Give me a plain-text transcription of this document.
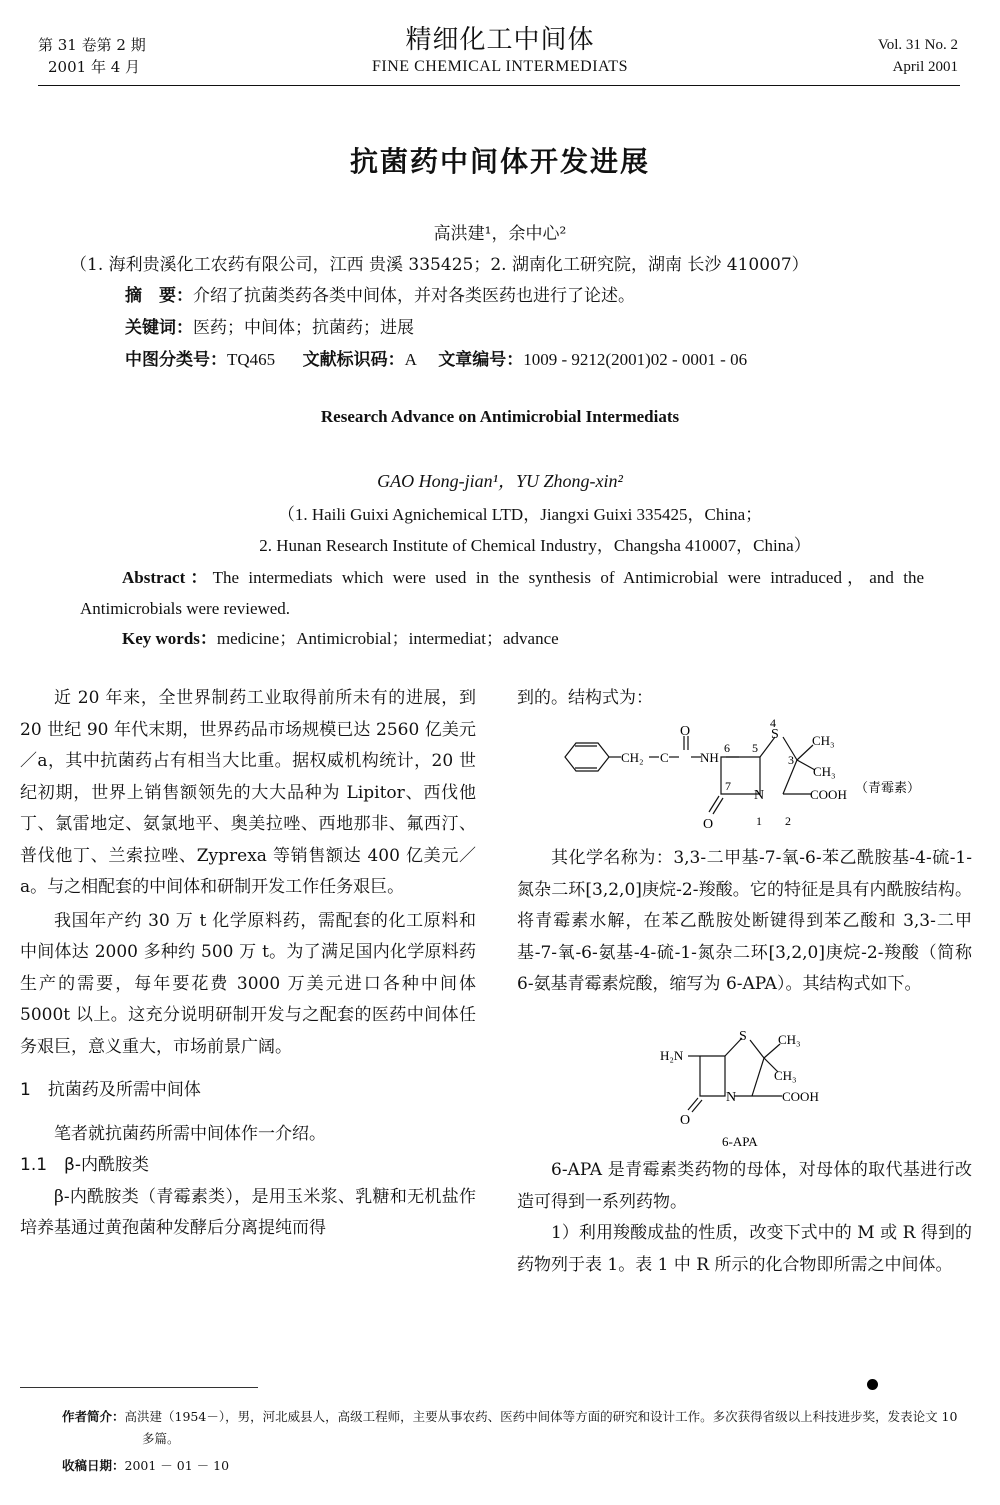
第 31 卷第 2 期
2001 年 4 月
精细化工中间体
FINE CHEMICAL INTERMEDIATS
Vol. 31 No. 2
April 2001
抗菌药中间体开发进展
高洪建¹，余中心²
（1. 海利贵溪化工农药有限公司，江西 贵溪 335425；2. 湖南化工研究院，湖南 长沙 410007）
摘　要：介绍了抗菌类药各类中间体，并对各类医药也进行了论述。
关键词：医药；中间体；抗菌药；进展
中图分类号：TQ465 文献标识码：A 文章编号：1009 - 9212(2001)02 - 0001 - 06
Research Advance on Antimicrobial Intermediats
GAO Hong-jian¹，YU Zhong-xin²
（1. Haili Guixi Agnichemical LTD，Jiangxi Guixi 335425，China；
2. Hunan Research Institute of Chemical Industry，Changsha 410007，China）
Abstract：The intermediats which were used in the synthesis of Antimicrobial were intraduced，and the Antimicrobials were reviewed.
Key words：medicine；Antimicrobial；intermediat；advance

近 20 年来，全世界制药工业取得前所未有的进展，到 20 世纪 90 年代末期，世界药品市场规模已达 2560 亿美元／a，其中抗菌药占有相当大比重。据权威机构统计，20 世纪初期，世界上销售额领先的大大品种为 Lipitor、西伐他丁、氯雷地定、氨氯地平、奥美拉唑、西地那非、氟西汀、普伐他丁、兰索拉唑、Zyprexa 等销售额达 400 亿美元／a。与之相配套的中间体和研制开发工作任务艰巨。

我国年产约 30 万 t 化学原料药，需配套的化工原料和中间体达 2000 多种约 500 万 t。为了满足国内化学原料药生产的需要，每年要花费 3000 万美元进口各种中间体 5000t 以上。这充分说明研制开发与之配套的医药中间体任务艰巨，意义重大，市场前景广阔。

1　抗菌药及所需中间体

笔者就抗菌药所需中间体作一介绍。

1.1　β-内酰胺类

β-内酰胺类（青霉素类），是用玉米浆、乳糖和无机盐作培养基通过黄孢菌种发酵后分离提纯而得

到的。结构式为：

O
CH₂ C NH
S
N
CH₃
CH₃
COOH
O
4
5
6
3
7
1 2
（青霉素）

其化学名称为：3,3-二甲基-7-氧-6-苯乙酰胺基-4-硫-1-氮杂二环[3,2,0]庚烷-2-羧酸。它的特征是具有内酰胺结构。将青霉素水解，在苯乙酰胺处断键得到苯乙酸和 3,3-二甲基-7-氧-6-氨基-4-硫-1-氮杂二环[3,2,0]庚烷-2-羧酸（简称 6-氨基青霉素烷酸，缩写为 6-APA）。其结构式如下。

H₂N
S CH₃
CH₃
N	COOH
O
6-APA

6-APA 是青霉素类药物的母体，对母体的取代基进行改造可得到一系列药物。

1）利用羧酸成盐的性质，改变下式中的 M 或 R 得到的药物列于表 1。表 1 中 R 所示的化合物即所需之中间体。

作者简介：高洪建（1954－），男，河北威县人，高级工程师，主要从事农药、医药中间体等方面的研究和设计工作。多次获得省级以上科技进步奖，发表论文 10 多篇。
收稿日期：2001 － 01 － 10
